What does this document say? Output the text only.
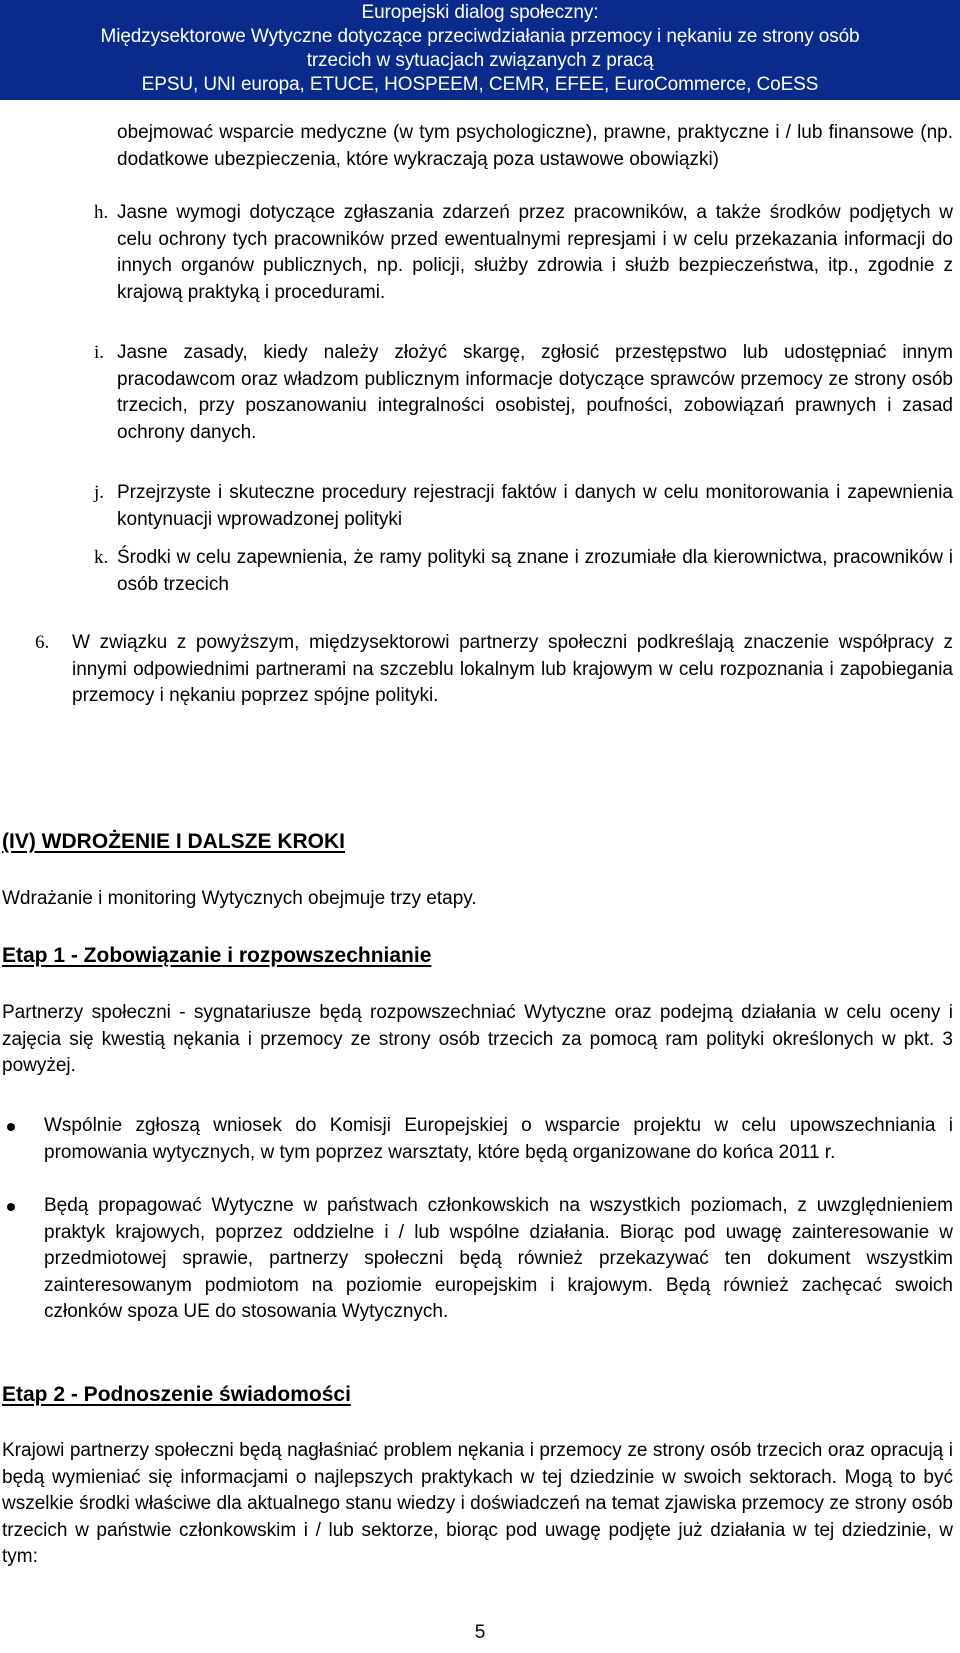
Europejski dialog społeczny:
Międzysektorowe Wytyczne dotyczące przeciwdziałania przemocy i nękaniu ze strony osób
trzecich w sytuacjach związanych z pracą
EPSU, UNI europa, ETUCE, HOSPEEM, CEMR, EFEE, EuroCommerce, CoESS
obejmować wsparcie medyczne (w tym psychologiczne), prawne, praktyczne i / lub finansowe (np. dodatkowe ubezpieczenia, które wykraczają poza ustawowe obowiązki)
h. Jasne wymogi dotyczące zgłaszania zdarzeń przez pracowników, a także środków podjętych w celu ochrony tych pracowników przed ewentualnymi represjami i w celu przekazania informacji do innych organów publicznych, np. policji, służby zdrowia i służb bezpieczeństwa, itp., zgodnie z krajową praktyką i procedurami.
i. Jasne zasady, kiedy należy złożyć skargę, zgłosić przestępstwo lub udostępniać innym pracodawcom oraz władzom publicznym informacje dotyczące sprawców przemocy ze strony osób trzecich, przy poszanowaniu integralności osobistej, poufności, zobowiązań prawnych i zasad ochrony danych.
j. Przejrzyste i skuteczne procedury rejestracji faktów i danych w celu monitorowania i zapewnienia kontynuacji wprowadzonej polityki
k. Środki w celu zapewnienia, że ramy polityki są znane i zrozumiałe dla kierownictwa, pracowników i osób trzecich
6. W związku z powyższym, międzysektorowi partnerzy społeczni podkreślają znaczenie współpracy z innymi odpowiednimi partnerami na szczeblu lokalnym lub krajowym w celu rozpoznania i zapobiegania przemocy i nękaniu poprzez spójne polityki.
(IV) WDROŻENIE I DALSZE KROKI
Wdrażanie i monitoring Wytycznych obejmuje trzy etapy.
Etap 1 - Zobowiązanie i rozpowszechnianie
Partnerzy społeczni - sygnatariusze będą rozpowszechniać Wytyczne oraz podejmą działania w celu oceny i zajęcia się kwestią nękania i przemocy ze strony osób trzecich za pomocą ram polityki określonych w pkt. 3 powyżej.
Wspólnie zgłoszą wniosek do Komisji Europejskiej o wsparcie projektu w celu upowszechniania i promowania wytycznych, w tym poprzez warsztaty, które będą organizowane do końca 2011 r.
Będą propagować Wytyczne w państwach członkowskich na wszystkich poziomach, z uwzględnieniem praktyk krajowych, poprzez oddzielne i / lub wspólne działania. Biorąc pod uwagę zainteresowanie w przedmiotowej sprawie, partnerzy społeczni będą również przekazywać ten dokument wszystkim zainteresowanym podmiotom na poziomie europejskim i krajowym. Będą również zachęcać swoich członków spoza UE do stosowania Wytycznych.
Etap 2 - Podnoszenie świadomości
Krajowi partnerzy społeczni będą nagłaśniać problem nękania i przemocy ze strony osób trzecich oraz opracują i będą wymieniać się informacjami o najlepszych praktykach w tej dziedzinie w swoich sektorach. Mogą to być wszelkie środki właściwe dla aktualnego stanu wiedzy i doświadczeń na temat zjawiska przemocy ze strony osób trzecich w państwie członkowskim i / lub sektorze, biorąc pod uwagę podjęte już działania w tej dziedzinie, w tym:
5
